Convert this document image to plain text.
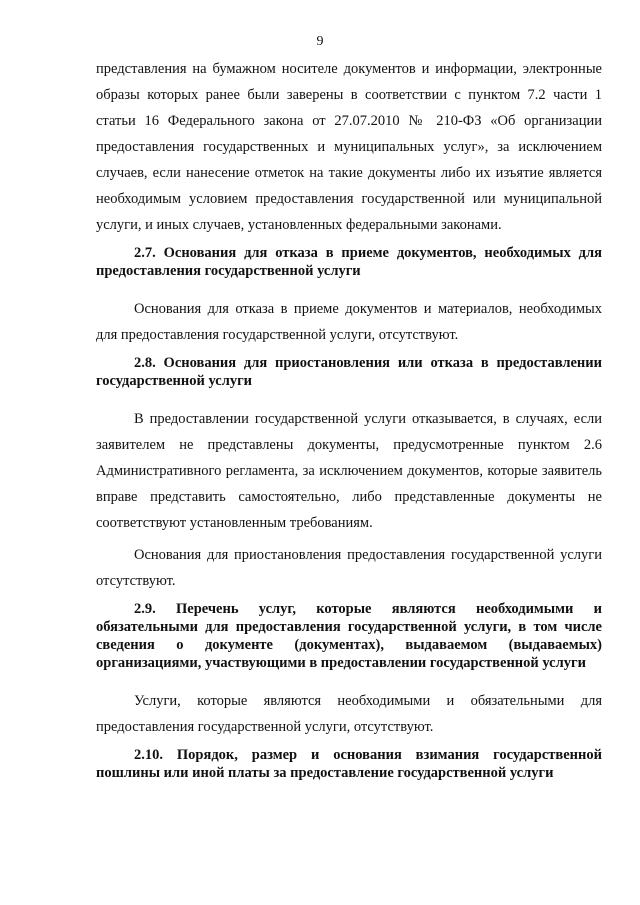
9

представления на бумажном носителе документов и информации, электронные образы которых ранее были заверены в соответствии с пунктом 7.2 части 1 статьи 16 Федерального закона от 27.07.2010 № 210-ФЗ «Об организации предоставления государственных и муниципальных услуг», за исключением случаев, если нанесение отметок на такие документы либо их изъятие является необходимым условием предоставления государственной или муниципальной услуги, и иных случаев, установленных федеральными законами.

2.7. Основания для отказа в приеме документов, необходимых для предоставления государственной услуги

Основания для отказа в приеме документов и материалов, необходимых для предоставления государственной услуги, отсутствуют.

2.8. Основания для приостановления или отказа в предоставлении государственной услуги

В предоставлении государственной услуги отказывается, в случаях, если заявителем не представлены документы, предусмотренные пунктом 2.6 Административного регламента, за исключением документов, которые заявитель вправе представить самостоятельно, либо представленные документы не соответствуют установленным требованиям.

Основания для приостановления предоставления государственной услуги отсутствуют.

2.9. Перечень услуг, которые являются необходимыми и обязательными для предоставления государственной услуги, в том числе сведения о документе (документах), выдаваемом (выдаваемых) организациями, участвующими в предоставлении государственной услуги

Услуги, которые являются необходимыми и обязательными для предоставления государственной услуги, отсутствуют.

2.10. Порядок, размер и основания взимания государственной пошлины или иной платы за предоставление государственной услуги
